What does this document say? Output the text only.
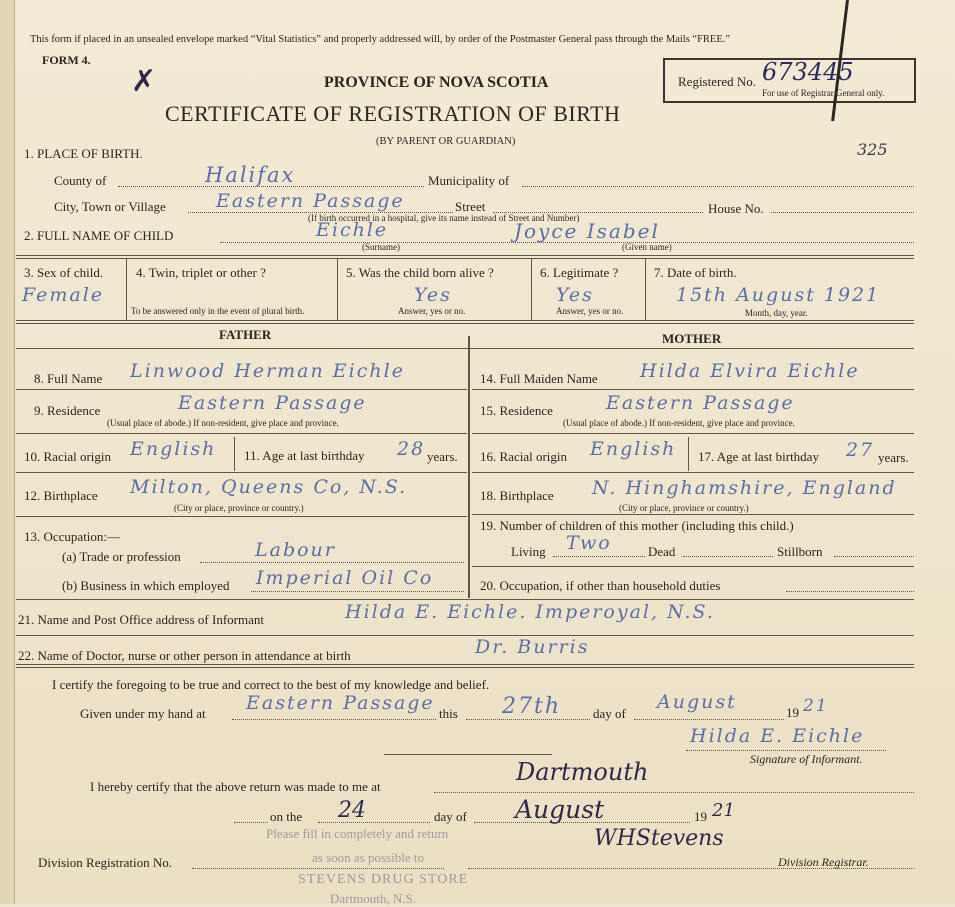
This form if placed in an unsealed envelope marked “Vital Statistics” and properly addressed will, by order of the Postmaster General pass through the Mails “FREE.”
FORM 4.
✗	PROVINCE OF NOVA SCOTIA
CERTIFICATE OF REGISTRATION OF BIRTH
(BY PARENT OR GUARDIAN)
Registered No. 673445
For use of Registrar General only.
325
1. PLACE OF BIRTH.
County of	Halifax	Municipality of
City, Town or Village	Eastern Passage	Street	House No.
(If birth occurred in a hospital, give its name instead of Street and Number)
2. FULL NAME OF CHILD	Eichle
(Surname)
Joyce Isabel
(Given name)
3. Sex of child.
Female
4. Twin, triplet or other ?
To be answered only in the event of plural birth.
5. Was the child born alive ?
Yes
Answer, yes or no.
6. Legitimate ?
Yes
Answer, yes or no.
7. Date of birth.
15th August 1921
Month, day, year.
FATHER	MOTHER
8. Full Name Linwood Herman Eichle
9. Residence	Eastern Passage
(Usual place of abode.) If non-resident, give place and province.
10. Racial origin English 11. Age at last birthday 28 years.
12. Birthplace Milton, Queens Co, N.S.
(City or place, province or country.)
13. Occupation:—
(a) Trade or profession	Labour
(b) Business in which employed Imperial Oil Co
14. Full Maiden Name Hilda Elvira Eichle
15. Residence	Eastern Passage
(Usual place of abode.) If non-resident, give place and province.
16. Racial origin English 17. Age at last birthday 27 years.
18. Birthplace N. Hinghamshire, England
(City or place, province or country.)
19. Number of children of this mother (including this child.)
Living Two	Dead	Stillborn
20. Occupation, if other than household duties
21. Name and Post Office address of Informant	Hilda E. Eichle. Imperoyal, N.S.
22. Name of Doctor, nurse or other person in attendance at birth	Dr. Burris
I certify the foregoing to be true and correct to the best of my knowledge and belief.
Given under my hand at Eastern Passage this 27th day of
August	19 21
Hilda E. Eichle
Signature of Informant.
I hereby certify that the above return was made to me at
Dartmouth
on the 24	day of August	19 21
Please fill in completely and return
as soon as possible to
STEVENS DRUG STORE
Dartmouth, N.S.
Division Registration No.
WHStevens
Division Registrar.
